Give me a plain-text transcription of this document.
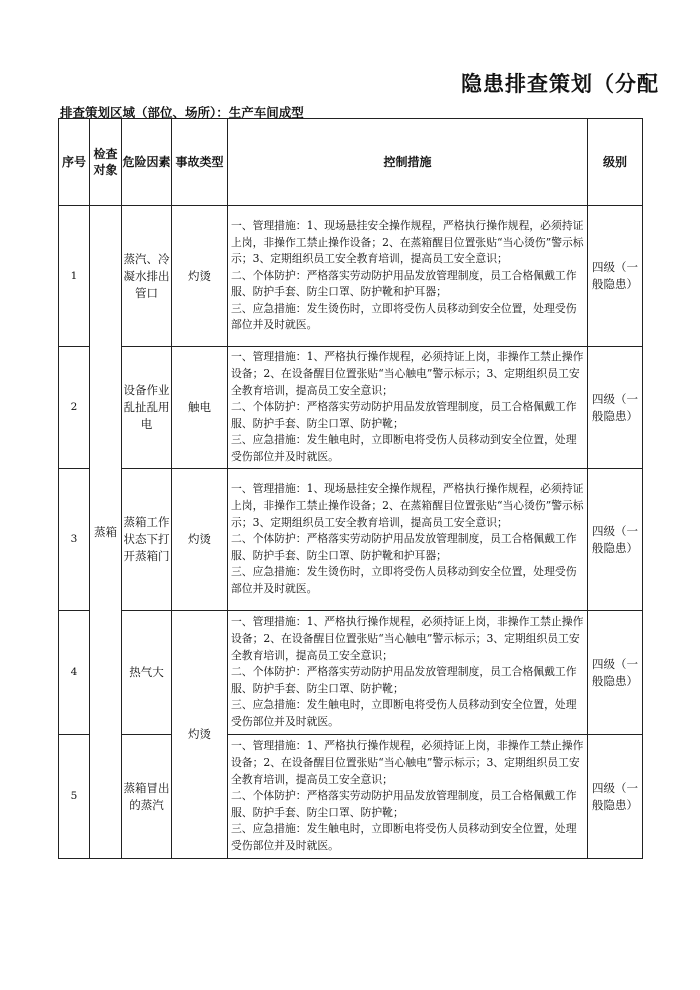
隐患排查策划（分配
排查策划区域（部位、场所）：生产车间成型
序号	检查对象	危险因素	事故类型	控制措施	级别
1	蒸箱	蒸汽、冷凝水排出管口	灼烫	一、管理措施：1、现场悬挂安全操作规程，严格执行操作规程，必须持证上岗，非操作工禁止操作设备；2、在蒸箱醒目位置张贴“当心烫伤”警示标示；3、定期组织员工安全教育培训，提高员工安全意识；
二、个体防护：严格落实劳动防护用品发放管理制度，员工合格佩戴工作服、防护手套、防尘口罩、防护靴和护耳器；
三、应急措施：发生烫伤时，立即将受伤人员移动到安全位置，处理受伤部位并及时就医。	四级（一般隐患）
2		设备作业乱扯乱用电	触电	一、管理措施：1、严格执行操作规程，必须持证上岗，非操作工禁止操作设备；2、在设备醒目位置张贴“当心触电”警示标示；3、定期组织员工安全教育培训，提高员工安全意识；
二、个体防护：严格落实劳动防护用品发放管理制度，员工合格佩戴工作服、防护手套、防尘口罩、防护靴；
三、应急措施：发生触电时，立即断电将受伤人员移动到安全位置，处理受伤部位并及时就医。	四级（一般隐患）
3		蒸箱工作状态下打开蒸箱门	灼烫	一、管理措施：1、现场悬挂安全操作规程，严格执行操作规程，必须持证上岗，非操作工禁止操作设备；2、在蒸箱醒目位置张贴“当心烫伤”警示标示；3、定期组织员工安全教育培训，提高员工安全意识；
二、个体防护：严格落实劳动防护用品发放管理制度，员工合格佩戴工作服、防护手套、防尘口罩、防护靴和护耳器；
三、应急措施：发生烫伤时，立即将受伤人员移动到安全位置，处理受伤部位并及时就医。	四级（一般隐患）
4		热气大	灼烫	一、管理措施：1、严格执行操作规程，必须持证上岗，非操作工禁止操作设备；2、在设备醒目位置张贴“当心触电”警示标示；3、定期组织员工安全教育培训，提高员工安全意识；
二、个体防护：严格落实劳动防护用品发放管理制度，员工合格佩戴工作服、防护手套、防尘口罩、防护靴；
三、应急措施：发生触电时，立即断电将受伤人员移动到安全位置，处理受伤部位并及时就医。	四级（一般隐患）
5		蒸箱冒出的蒸汽		一、管理措施：1、严格执行操作规程，必须持证上岗，非操作工禁止操作设备；2、在设备醒目位置张贴“当心触电”警示标示；3、定期组织员工安全教育培训，提高员工安全意识；
二、个体防护：严格落实劳动防护用品发放管理制度，员工合格佩戴工作服、防护手套、防尘口罩、防护靴；
三、应急措施：发生触电时，立即断电将受伤人员移动到安全位置，处理受伤部位并及时就医。	四级（一般隐患）
